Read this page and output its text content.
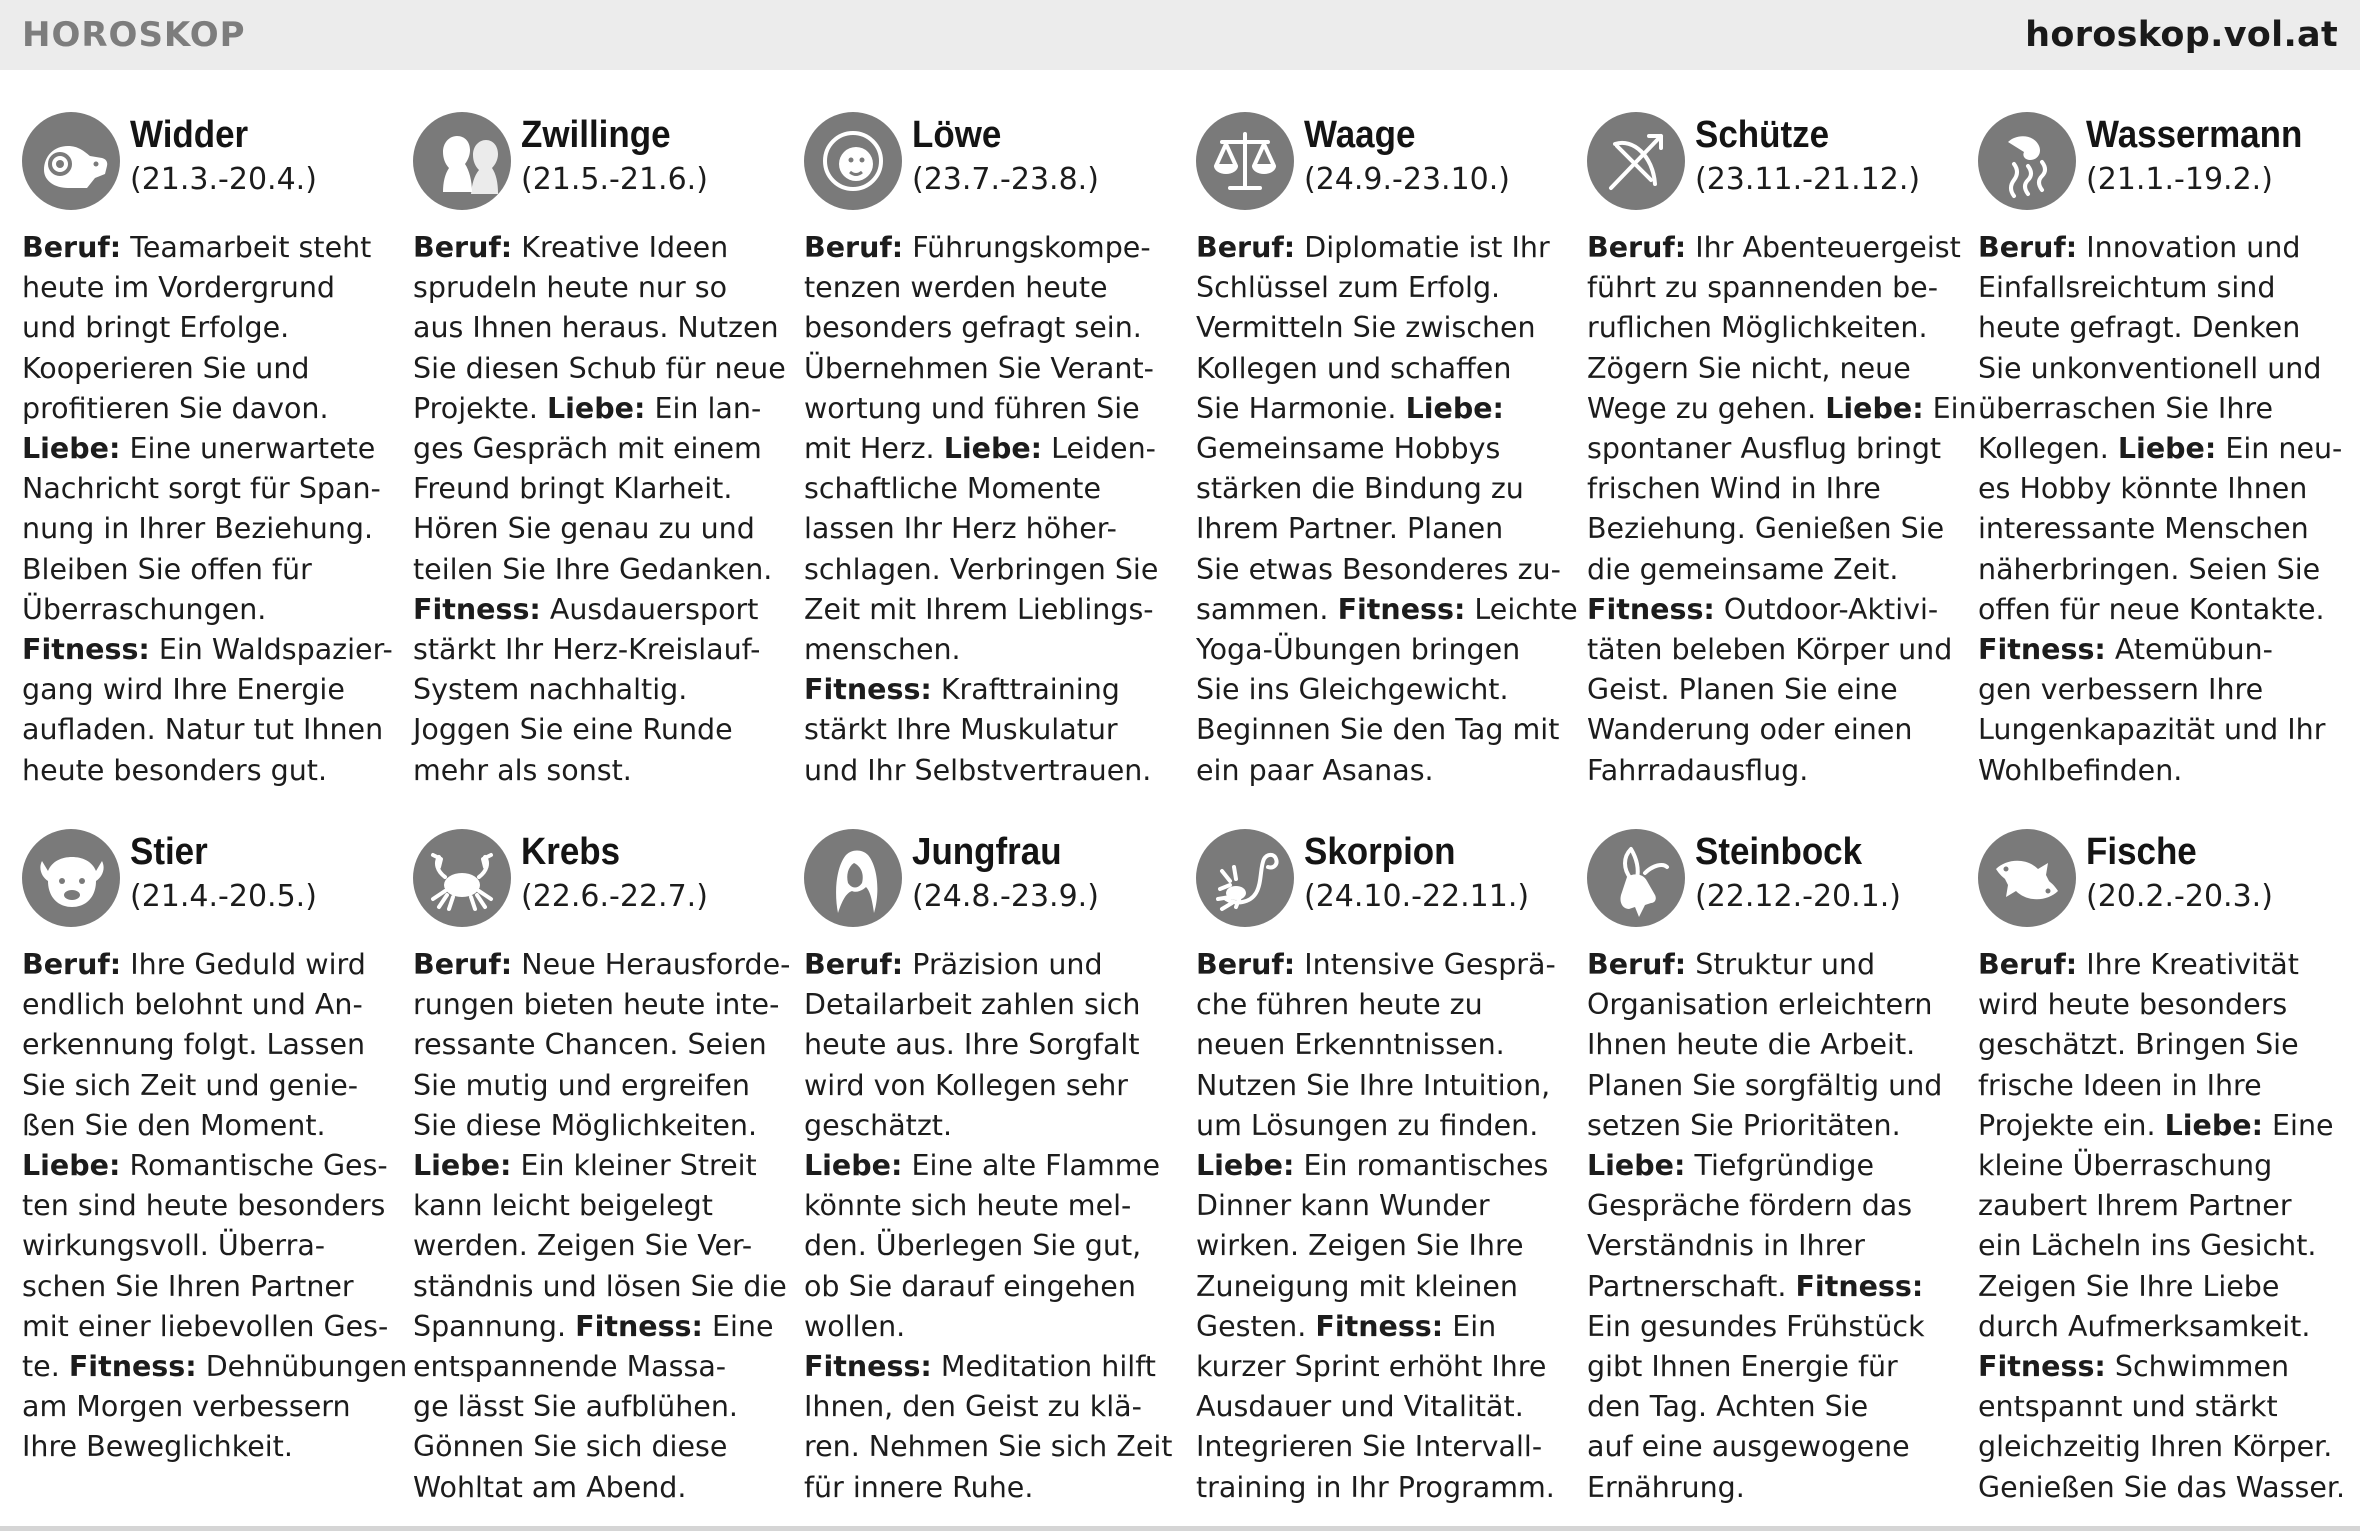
HOROSKOP	horoskop.vol.at
Widder
(21.3.-20.4.)
Beruf: Teamarbeit steht
heute im Vordergrund
und bringt Erfolge.
Kooperieren Sie und
profitieren Sie davon.
Liebe: Eine unerwartete
Nachricht sorgt für Span-
nung in Ihrer Beziehung.
Bleiben Sie offen für
Überraschungen.
Fitness: Ein Waldspazier-
gang wird Ihre Energie
aufladen. Natur tut Ihnen
heute besonders gut.
Zwillinge
(21.5.-21.6.)
Beruf: Kreative Ideen
sprudeln heute nur so
aus Ihnen heraus. Nutzen
Sie diesen Schub für neue
Projekte. Liebe: Ein lan-
ges Gespräch mit einem
Freund bringt Klarheit.
Hören Sie genau zu und
teilen Sie Ihre Gedanken.
Fitness: Ausdauersport
stärkt Ihr Herz-Kreislauf-
System nachhaltig.
Joggen Sie eine Runde
mehr als sonst.
Löwe
(23.7.-23.8.)
Beruf: Führungskompe-
tenzen werden heute
besonders gefragt sein.
Übernehmen Sie Verant-
wortung und führen Sie
mit Herz. Liebe: Leiden-
schaftliche Momente
lassen Ihr Herz höher-
schlagen. Verbringen Sie
Zeit mit Ihrem Lieblings-
menschen.
Fitness: Krafttraining
stärkt Ihre Muskulatur
und Ihr Selbstvertrauen.
Waage
(24.9.-23.10.)
Beruf: Diplomatie ist Ihr
Schlüssel zum Erfolg.
Vermitteln Sie zwischen
Kollegen und schaffen
Sie Harmonie. Liebe:
Gemeinsame Hobbys
stärken die Bindung zu
Ihrem Partner. Planen
Sie etwas Besonderes zu-
sammen. Fitness: Leichte
Yoga-Übungen bringen
Sie ins Gleichgewicht.
Beginnen Sie den Tag mit
ein paar Asanas.
Schütze
(23.11.-21.12.)
Beruf: Ihr Abenteuergeist
führt zu spannenden be-
ruflichen Möglichkeiten.
Zögern Sie nicht, neue
Wege zu gehen. Liebe: Ein
spontaner Ausflug bringt
frischen Wind in Ihre
Beziehung. Genießen Sie
die gemeinsame Zeit.
Fitness: Outdoor-Aktivi-
täten beleben Körper und
Geist. Planen Sie eine
Wanderung oder einen
Fahrradausflug.
Wassermann
(21.1.-19.2.)
Beruf: Innovation und
Einfallsreichtum sind
heute gefragt. Denken
Sie unkonventionell und
überraschen Sie Ihre
Kollegen. Liebe: Ein neu-
es Hobby könnte Ihnen
interessante Menschen
näherbringen. Seien Sie
offen für neue Kontakte.
Fitness: Atemübun-
gen verbessern Ihre
Lungenkapazität und Ihr
Wohlbefinden.
Stier
(21.4.-20.5.)
Beruf: Ihre Geduld wird
endlich belohnt und An-
erkennung folgt. Lassen
Sie sich Zeit und genie-
ßen Sie den Moment.
Liebe: Romantische Ges-
ten sind heute besonders
wirkungsvoll. Überra-
schen Sie Ihren Partner
mit einer liebevollen Ges-
te. Fitness: Dehnübungen
am Morgen verbessern
Ihre Beweglichkeit.
Krebs
(22.6.-22.7.)
Beruf: Neue Herausforde-
rungen bieten heute inte-
ressante Chancen. Seien
Sie mutig und ergreifen
Sie diese Möglichkeiten.
Liebe: Ein kleiner Streit
kann leicht beigelegt
werden. Zeigen Sie Ver-
ständnis und lösen Sie die
Spannung. Fitness: Eine
entspannende Massa-
ge lässt Sie aufblühen.
Gönnen Sie sich diese
Wohltat am Abend.
Jungfrau
(24.8.-23.9.)
Beruf: Präzision und
Detailarbeit zahlen sich
heute aus. Ihre Sorgfalt
wird von Kollegen sehr
geschätzt.
Liebe: Eine alte Flamme
könnte sich heute mel-
den. Überlegen Sie gut,
ob Sie darauf eingehen
wollen.
Fitness: Meditation hilft
Ihnen, den Geist zu klä-
ren. Nehmen Sie sich Zeit
für innere Ruhe.
Skorpion
(24.10.-22.11.)
Beruf: Intensive Gesprä-
che führen heute zu
neuen Erkenntnissen.
Nutzen Sie Ihre Intuition,
um Lösungen zu finden.
Liebe: Ein romantisches
Dinner kann Wunder
wirken. Zeigen Sie Ihre
Zuneigung mit kleinen
Gesten. Fitness: Ein
kurzer Sprint erhöht Ihre
Ausdauer und Vitalität.
Integrieren Sie Intervall-
training in Ihr Programm.
Steinbock
(22.12.-20.1.)
Beruf: Struktur und
Organisation erleichtern
Ihnen heute die Arbeit.
Planen Sie sorgfältig und
setzen Sie Prioritäten.
Liebe: Tiefgründige
Gespräche fördern das
Verständnis in Ihrer
Partnerschaft. Fitness:
Ein gesundes Frühstück
gibt Ihnen Energie für
den Tag. Achten Sie
auf eine ausgewogene
Ernährung.
Fische
(20.2.-20.3.)
Beruf: Ihre Kreativität
wird heute besonders
geschätzt. Bringen Sie
frische Ideen in Ihre
Projekte ein. Liebe: Eine
kleine Überraschung
zaubert Ihrem Partner
ein Lächeln ins Gesicht.
Zeigen Sie Ihre Liebe
durch Aufmerksamkeit.
Fitness: Schwimmen
entspannt und stärkt
gleichzeitig Ihren Körper.
Genießen Sie das Wasser.
